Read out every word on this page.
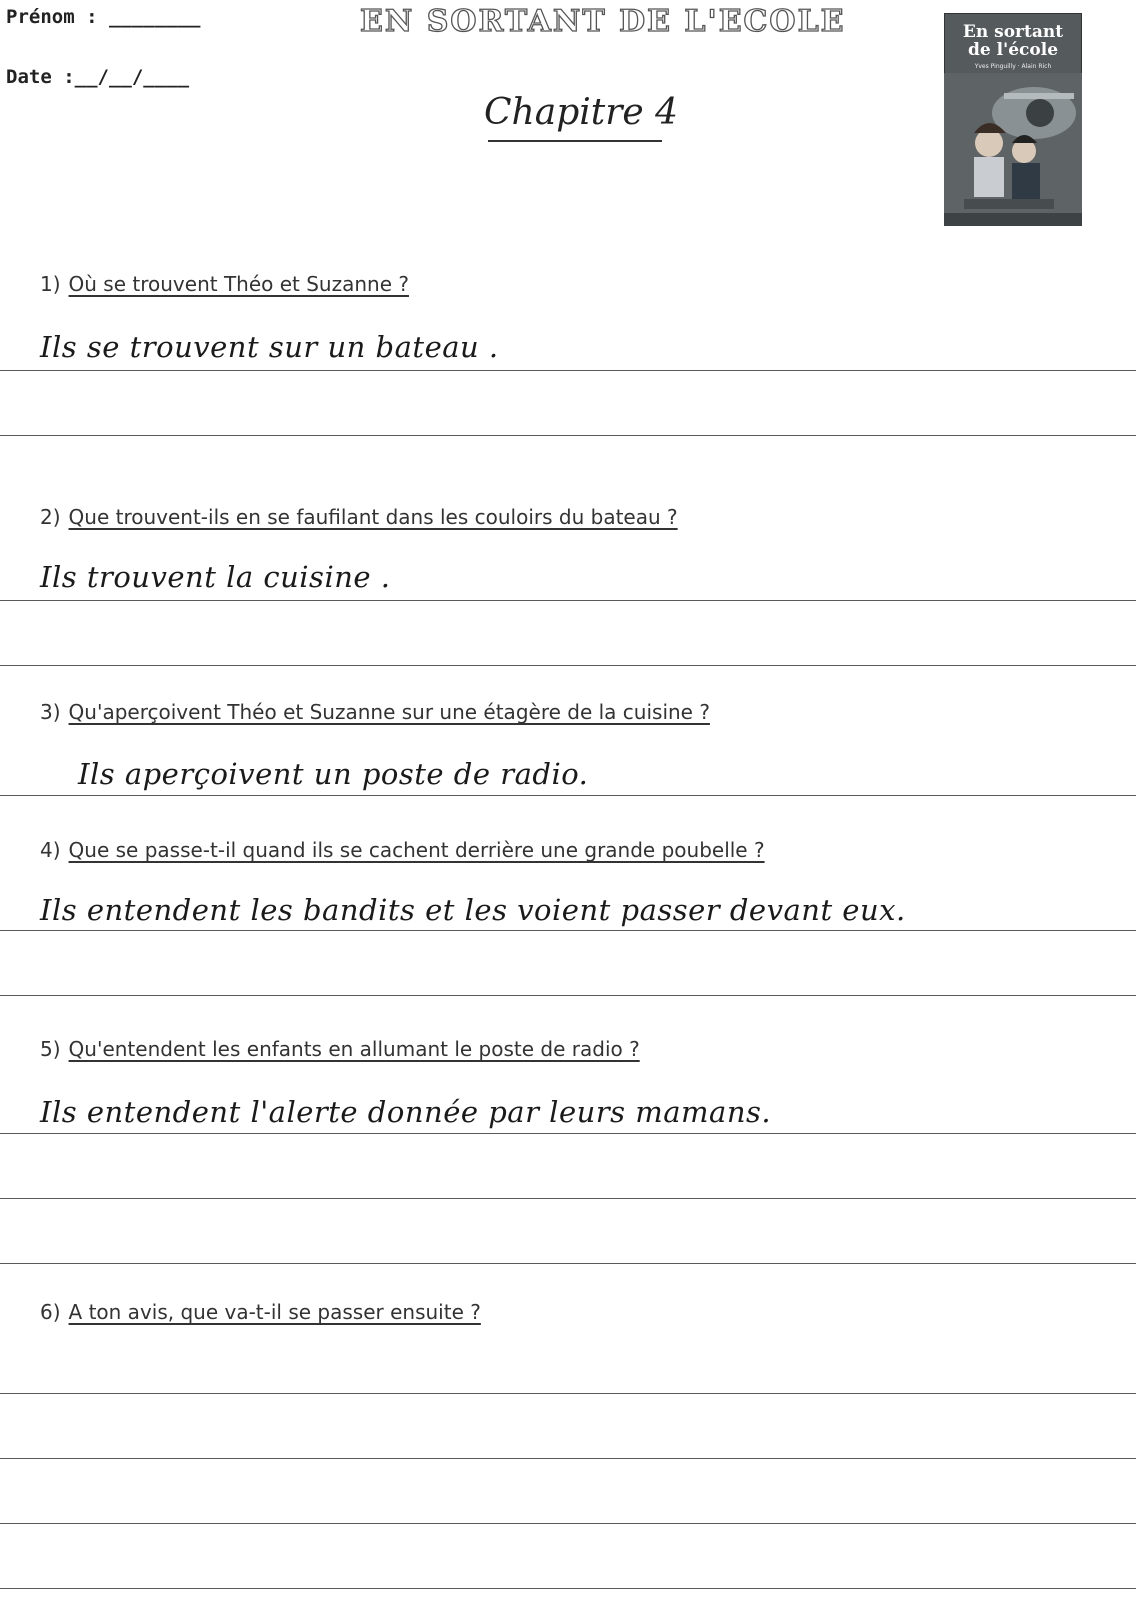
Prénom : ________
Date :__/__/____
EN SORTANT DE L'ECOLE
Chapitre 4
En sortant
de l'école
Yves Pinguilly · Alain Rich
1) Où se trouvent Théo et Suzanne ?
Ils se trouvent sur un bateau .
2) Que trouvent-ils en se faufilant dans les couloirs du bateau ?
Ils trouvent la cuisine .
3) Qu'aperçoivent Théo et Suzanne sur une étagère de la cuisine ?
Ils aperçoivent un poste de radio.
4) Que se passe-t-il quand ils se cachent derrière une grande poubelle ?
Ils entendent les bandits et les voient passer devant eux.
5) Qu'entendent les enfants en allumant le poste de radio ?
Ils entendent l'alerte donnée par leurs mamans.
6) A ton avis, que va-t-il se passer ensuite ?
